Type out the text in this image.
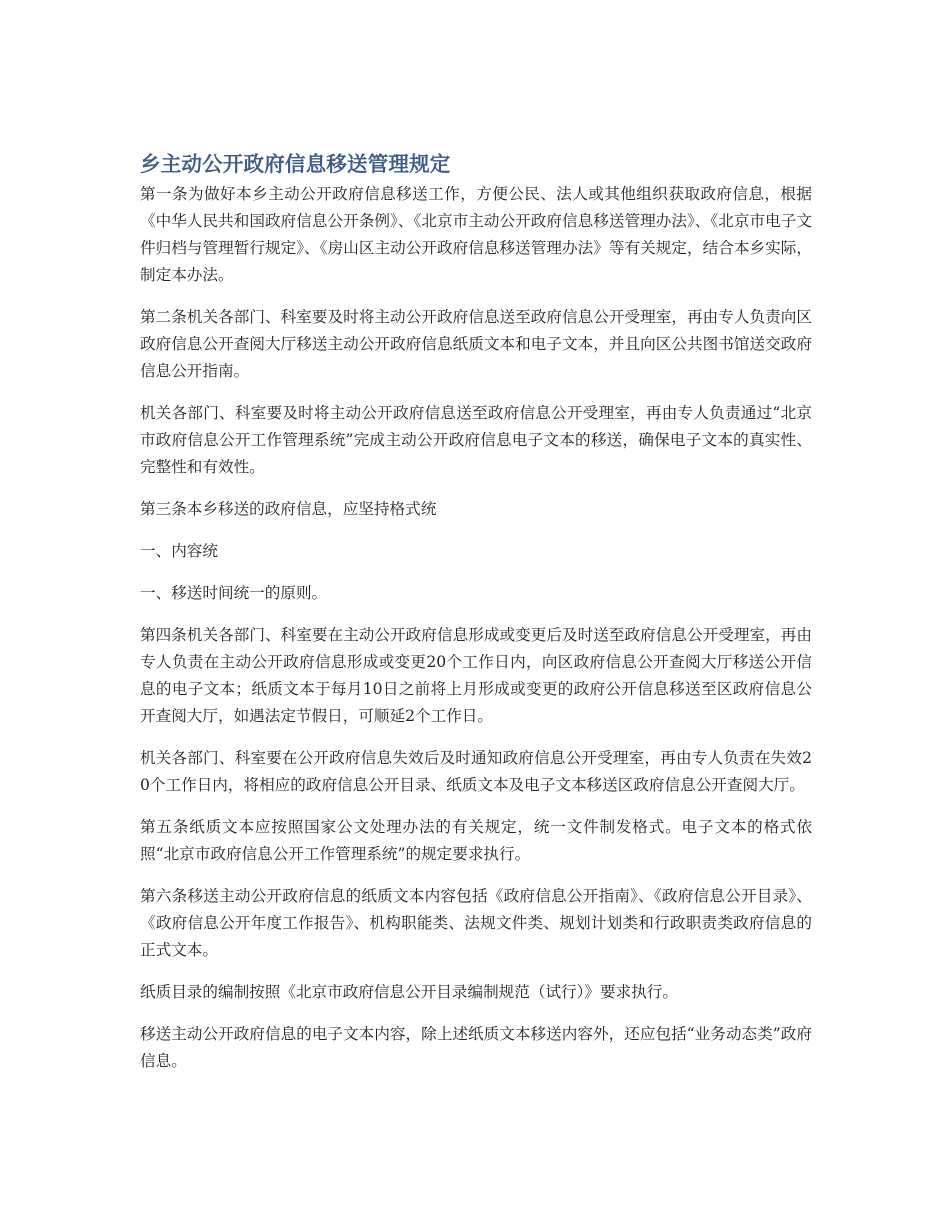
乡主动公开政府信息移送管理规定

第一条为做好本乡主动公开政府信息移送工作，方便公民、法人或其他组织获取政府信息，根据《中华人民共和国政府信息公开条例》、《北京市主动公开政府信息移送管理办法》、《北京市电子文件归档与管理暂行规定》、《房山区主动公开政府信息移送管理办法》等有关规定，结合本乡实际，制定本办法。

第二条机关各部门、科室要及时将主动公开政府信息送至政府信息公开受理室，再由专人负责向区政府信息公开查阅大厅移送主动公开政府信息纸质文本和电子文本，并且向区公共图书馆送交政府信息公开指南。

机关各部门、科室要及时将主动公开政府信息送至政府信息公开受理室，再由专人负责通过“北京市政府信息公开工作管理系统”完成主动公开政府信息电子文本的移送，确保电子文本的真实性、完整性和有效性。

第三条本乡移送的政府信息，应坚持格式统

一、内容统

一、移送时间统一的原则。

第四条机关各部门、科室要在主动公开政府信息形成或变更后及时送至政府信息公开受理室，再由专人负责在主动公开政府信息形成或变更20个工作日内，向区政府信息公开查阅大厅移送公开信息的电子文本；纸质文本于每月10日之前将上月形成或变更的政府公开信息移送至区政府信息公开查阅大厅，如遇法定节假日，可顺延2个工作日。

机关各部门、科室要在公开政府信息失效后及时通知政府信息公开受理室，再由专人负责在失效20个工作日内，将相应的政府信息公开目录、纸质文本及电子文本移送区政府信息公开查阅大厅。

第五条纸质文本应按照国家公文处理办法的有关规定，统一文件制发格式。电子文本的格式依照“北京市政府信息公开工作管理系统”的规定要求执行。

第六条移送主动公开政府信息的纸质文本内容包括《政府信息公开指南》、《政府信息公开目录》、《政府信息公开年度工作报告》、机构职能类、法规文件类、规划计划类和行政职责类政府信息的正式文本。

纸质目录的编制按照《北京市政府信息公开目录编制规范（试行）》要求执行。

移送主动公开政府信息的电子文本内容，除上述纸质文本移送内容外，还应包括“业务动态类”政府信息。
